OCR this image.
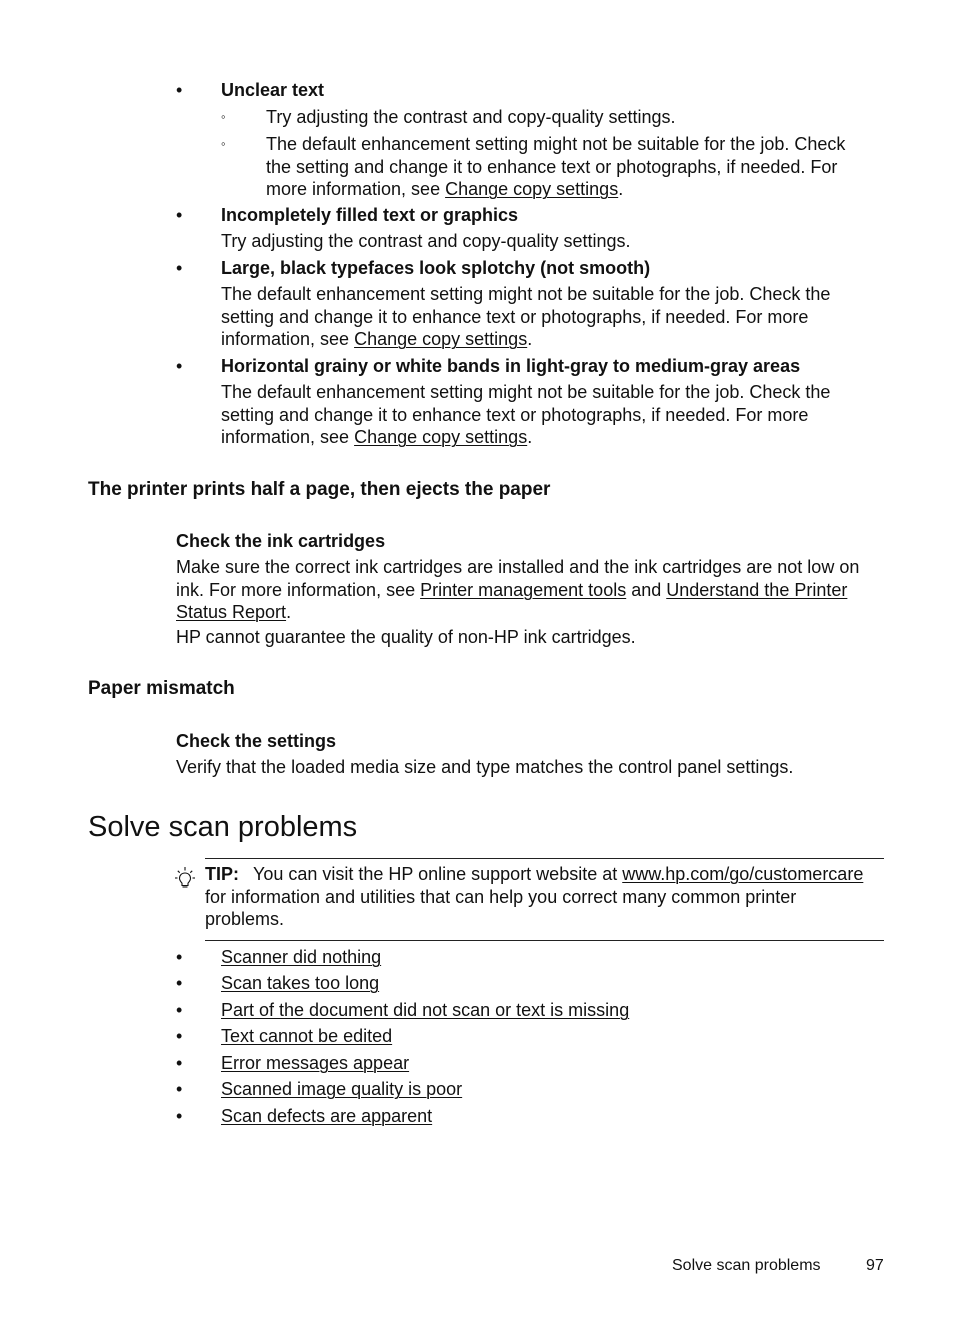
• Unclear text
◦ Try adjusting the contrast and copy-quality settings.
◦ The default enhancement setting might not be suitable for the job. Check the setting and change it to enhance text or photographs, if needed. For more information, see Change copy settings.
• Incompletely filled text or graphics
Try adjusting the contrast and copy-quality settings.
• Large, black typefaces look splotchy (not smooth)
The default enhancement setting might not be suitable for the job. Check the
setting and change it to enhance text or photographs, if needed. For more
information, see Change copy settings.
• Horizontal grainy or white bands in light-gray to medium-gray areas
The default enhancement setting might not be suitable for the job. Check the
setting and change it to enhance text or photographs, if needed. For more
information, see Change copy settings.
The printer prints half a page, then ejects the paper
Check the ink cartridges
Make sure the correct ink cartridges are installed and the ink cartridges are not low on
ink. For more information, see Printer management tools and Understand the Printer
Status Report.
HP cannot guarantee the quality of non-HP ink cartridges.
Paper mismatch
Check the settings
Verify that the loaded media size and type matches the control panel settings.
Solve scan problems
TIP: You can visit the HP online support website at www.hp.com/go/customercare
for information and utilities that can help you correct many common printer
problems.
• Scanner did nothing
• Scan takes too long
• Part of the document did not scan or text is missing
• Text cannot be edited
• Error messages appear
• Scanned image quality is poor
• Scan defects are apparent
Solve scan problems	97
